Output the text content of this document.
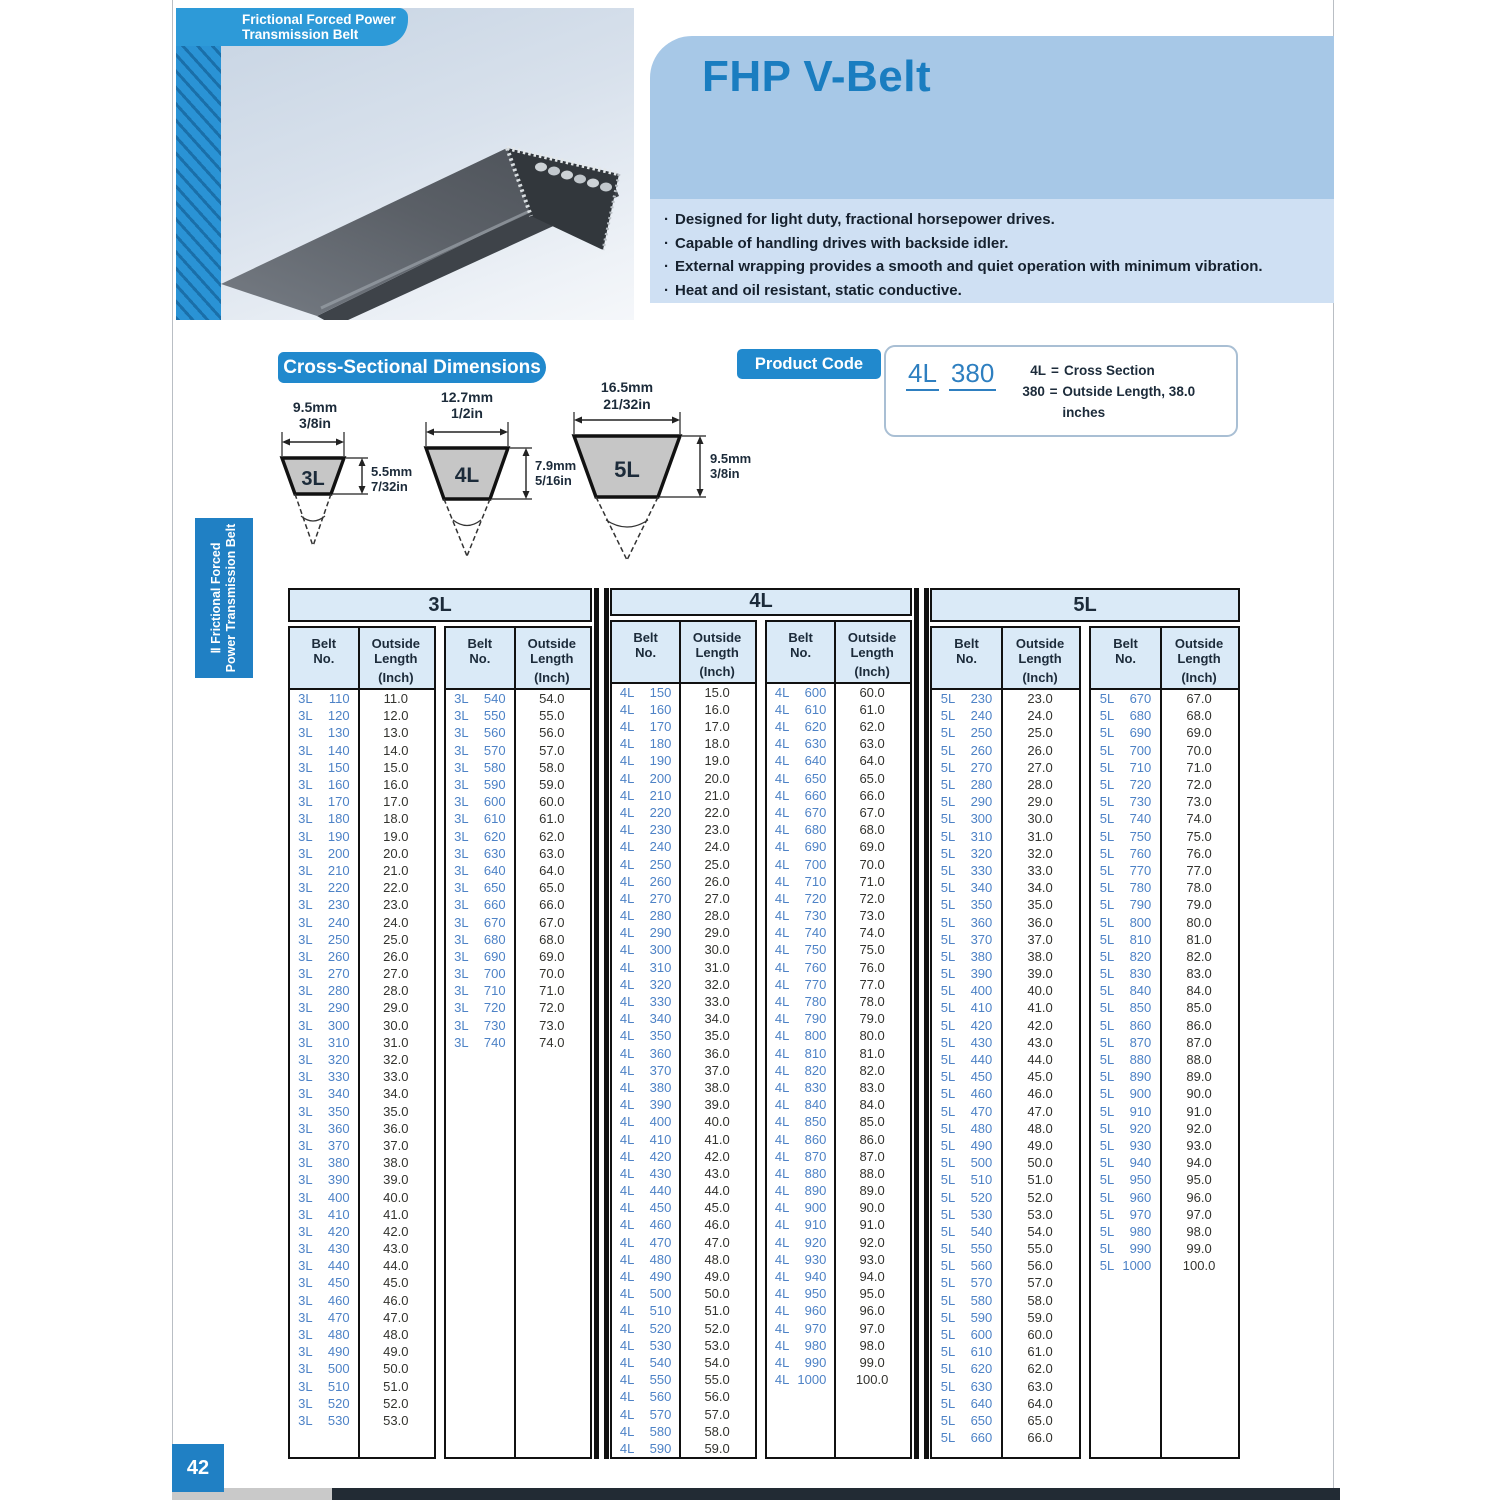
Frictional Forced Power
Transmission Belt
FHP V-Belt
· Designed for light duty, fractional horsepower drives.
· Capable of handling drives with backside idler.
· External wrapping provides a smooth and quiet operation with minimum vibration.
· Heat and oil resistant, static conductive.
Cross-Sectional Dimensions	Product Code	4L 380	4L = Cross Section
380 = Outside Length, 38.0 inches
9.5mm
3/8in
3L	5.5mm
7/32in
12.7mm
1/2in
4L	7.9mm
5/16in
16.5mm
21/32in
5L	9.5mm
3/8in
Ⅱ Frictional Forced Power Transmission Belt
42
3L
Belt
No.
Outside
Length
(Inch)
3L	110	11.0
3L	120	12.0
3L	130	13.0
3L	140	14.0
3L	150	15.0
3L	160	16.0
3L	170	17.0
3L	180	18.0
3L	190	19.0
3L	200	20.0
3L	210	21.0
3L	220	22.0
3L	230	23.0
3L	240	24.0
3L	250	25.0
3L	260	26.0
3L	270	27.0
3L	280	28.0
3L	290	29.0
3L	300	30.0
3L	310	31.0
3L	320	32.0
3L	330	33.0
3L	340	34.0
3L	350	35.0
3L	360	36.0
3L	370	37.0
3L	380	38.0
3L	390	39.0
3L	400	40.0
3L	410	41.0
3L	420	42.0
3L	430	43.0
3L	440	44.0
3L	450	45.0
3L	460	46.0
3L	470	47.0
3L	480	48.0
3L	490	49.0
3L	500	50.0
3L	510	51.0
3L	520	52.0
3L	530	53.0
Belt
No.
Outside
Length
(Inch)
3L	540	54.0
3L	550	55.0
3L	560	56.0
3L	570	57.0
3L	580	58.0
3L	590	59.0
3L	600	60.0
3L	610	61.0
3L	620	62.0
3L	630	63.0
3L	640	64.0
3L	650	65.0
3L	660	66.0
3L	670	67.0
3L	680	68.0
3L	690	69.0
3L	700	70.0
3L	710	71.0
3L	720	72.0
3L	730	73.0
3L	740	74.0
4L
Belt
No.
Outside
Length
(Inch)
4L	150	15.0
4L	160	16.0
4L	170	17.0
4L	180	18.0
4L	190	19.0
4L	200	20.0
4L	210	21.0
4L	220	22.0
4L	230	23.0
4L	240	24.0
4L	250	25.0
4L	260	26.0
4L	270	27.0
4L	280	28.0
4L	290	29.0
4L	300	30.0
4L	310	31.0
4L	320	32.0
4L	330	33.0
4L	340	34.0
4L	350	35.0
4L	360	36.0
4L	370	37.0
4L	380	38.0
4L	390	39.0
4L	400	40.0
4L	410	41.0
4L	420	42.0
4L	430	43.0
4L	440	44.0
4L	450	45.0
4L	460	46.0
4L	470	47.0
4L	480	48.0
4L	490	49.0
4L	500	50.0
4L	510	51.0
4L	520	52.0
4L	530	53.0
4L	540	54.0
4L	550	55.0
4L	560	56.0
4L	570	57.0
4L	580	58.0
4L	590	59.0
Belt
No.
Outside
Length
(Inch)
4L	600	60.0
4L	610	61.0
4L	620	62.0
4L	630	63.0
4L	640	64.0
4L	650	65.0
4L	660	66.0
4L	670	67.0
4L	680	68.0
4L	690	69.0
4L	700	70.0
4L	710	71.0
4L	720	72.0
4L	730	73.0
4L	740	74.0
4L	750	75.0
4L	760	76.0
4L	770	77.0
4L	780	78.0
4L	790	79.0
4L	800	80.0
4L	810	81.0
4L	820	82.0
4L	830	83.0
4L	840	84.0
4L	850	85.0
4L	860	86.0
4L	870	87.0
4L	880	88.0
4L	890	89.0
4L	900	90.0
4L	910	91.0
4L	920	92.0
4L	930	93.0
4L	940	94.0
4L	950	95.0
4L	960	96.0
4L	970	97.0
4L	980	98.0
4L	990	99.0
4L 1000	100.0
5L
Belt
No.
Outside
Length
(Inch)
5L	230	23.0
5L	240	24.0
5L	250	25.0
5L	260	26.0
5L	270	27.0
5L	280	28.0
5L	290	29.0
5L	300	30.0
5L	310	31.0
5L	320	32.0
5L	330	33.0
5L	340	34.0
5L	350	35.0
5L	360	36.0
5L	370	37.0
5L	380	38.0
5L	390	39.0
5L	400	40.0
5L	410	41.0
5L	420	42.0
5L	430	43.0
5L	440	44.0
5L	450	45.0
5L	460	46.0
5L	470	47.0
5L	480	48.0
5L	490	49.0
5L	500	50.0
5L	510	51.0
5L	520	52.0
5L	530	53.0
5L	540	54.0
5L	550	55.0
5L	560	56.0
5L	570	57.0
5L	580	58.0
5L	590	59.0
5L	600	60.0
5L	610	61.0
5L	620	62.0
5L	630	63.0
5L	640	64.0
5L	650	65.0
5L	660	66.0
Belt
No.
Outside
Length
(Inch)
5L	670	67.0
5L	680	68.0
5L	690	69.0
5L	700	70.0
5L	710	71.0
5L	720	72.0
5L	730	73.0
5L	740	74.0
5L	750	75.0
5L	760	76.0
5L	770	77.0
5L	780	78.0
5L	790	79.0
5L	800	80.0
5L	810	81.0
5L	820	82.0
5L	830	83.0
5L	840	84.0
5L	850	85.0
5L	860	86.0
5L	870	87.0
5L	880	88.0
5L	890	89.0
5L	900	90.0
5L	910	91.0
5L	920	92.0
5L	930	93.0
5L	940	94.0
5L	950	95.0
5L	960	96.0
5L	970	97.0
5L	980	98.0
5L	990	99.0
5L 1000	100.0
